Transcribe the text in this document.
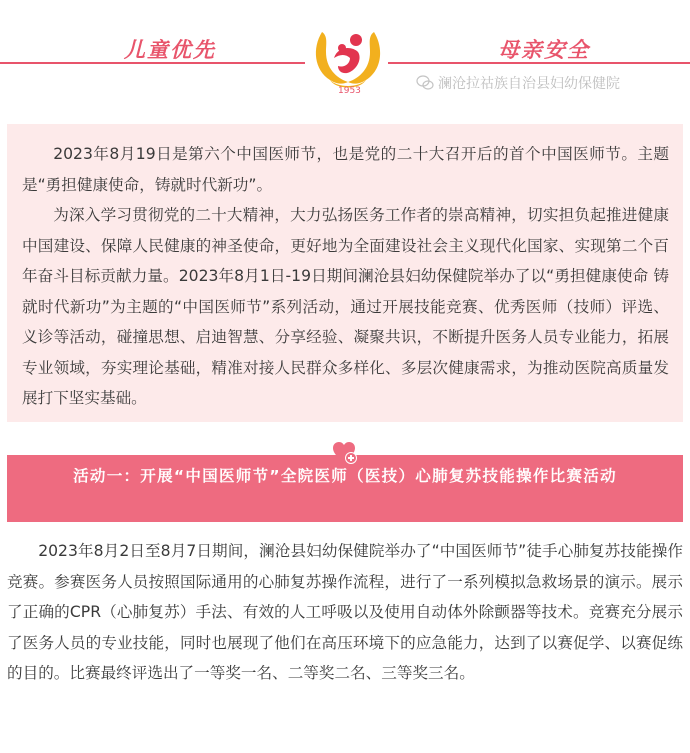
儿童优先
1953
母亲安全
澜沧拉祜族自治县妇幼保健院

2023年8月19日是第六个中国医师节，也是党的二十大召开后的首个中国医师节。主题是“勇担健康使命，铸就时代新功”。

为深入学习贯彻党的二十大精神，大力弘扬医务工作者的崇高精神，切实担负起推进健康中国建设、保障人民健康的神圣使命，更好地为全面建设社会主义现代化国家、实现第二个百年奋斗目标贡献力量。2023年8月1日-19日期间澜沧县妇幼保健院举办了以“勇担健康使命 铸就时代新功”为主题的“中国医师节”系列活动，通过开展技能竞赛、优秀医师（技师）评选、义诊等活动，碰撞思想、启迪智慧、分享经验、凝聚共识，不断提升医务人员专业能力，拓展专业领域，夯实理论基础，精准对接人民群众多样化、多层次健康需求，为推动医院高质量发展打下坚实基础。

活动一：开展“中国医师节”全院医师（医技）心肺复苏技能操作比赛活动

2023年8月2日至8月7日期间，澜沧县妇幼保健院举办了“中国医师节”徒手心肺复苏技能操作竞赛。参赛医务人员按照国际通用的心肺复苏操作流程，进行了一系列模拟急救场景的演示。展示了正确的CPR（心肺复苏）手法、有效的人工呼吸以及使用自动体外除颤器等技术。竞赛充分展示了医务人员的专业技能，同时也展现了他们在高压环境下的应急能力，达到了以赛促学、以赛促练的目的。比赛最终评选出了一等奖一名、二等奖二名、三等奖三名。
